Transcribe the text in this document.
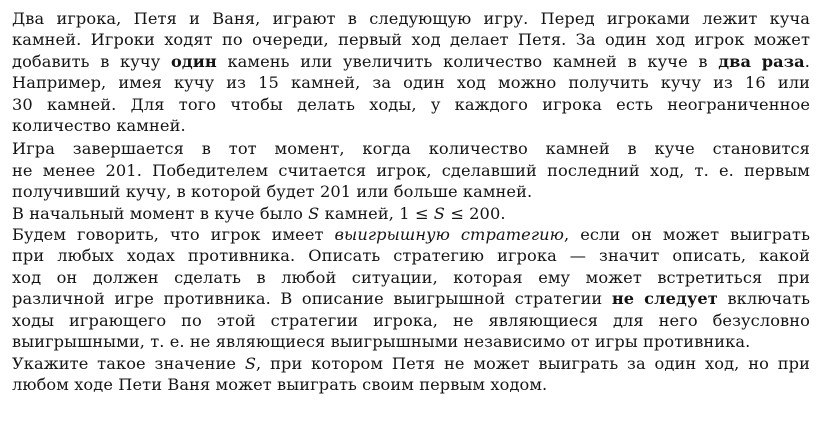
Два игрока, Петя и Ваня, играют в следующую игру. Перед игроками лежит куча
камней. Игроки ходят по очереди, первый ход делает Петя. За один ход игрок может
добавить в кучу один камень или увеличить количество камней в куче в два раза.
Например, имея кучу из 15 камней, за один ход можно получить кучу из 16 или
30 камней. Для того чтобы делать ходы, у каждого игрока есть неограниченное
количество камней.
Игра завершается в тот момент, когда количество камней в куче становится
не менее 201. Победителем считается игрок, сделавший последний ход, т. е. первым
получивший кучу, в которой будет 201 или больше камней.
В начальный момент в куче было S камней, 1 ≤ S ≤ 200.
Будем говорить, что игрок имеет выигрышную стратегию, если он может выиграть
при любых ходах противника. Описать стратегию игрока — значит описать, какой
ход он должен сделать в любой ситуации, которая ему может встретиться при
различной игре противника. В описание выигрышной стратегии не следует включать
ходы играющего по этой стратегии игрока, не являющиеся для него безусловно
выигрышными, т. е. не являющиеся выигрышными независимо от игры противника.
Укажите такое значение S, при котором Петя не может выиграть за один ход, но при
любом ходе Пети Ваня может выиграть своим первым ходом.
